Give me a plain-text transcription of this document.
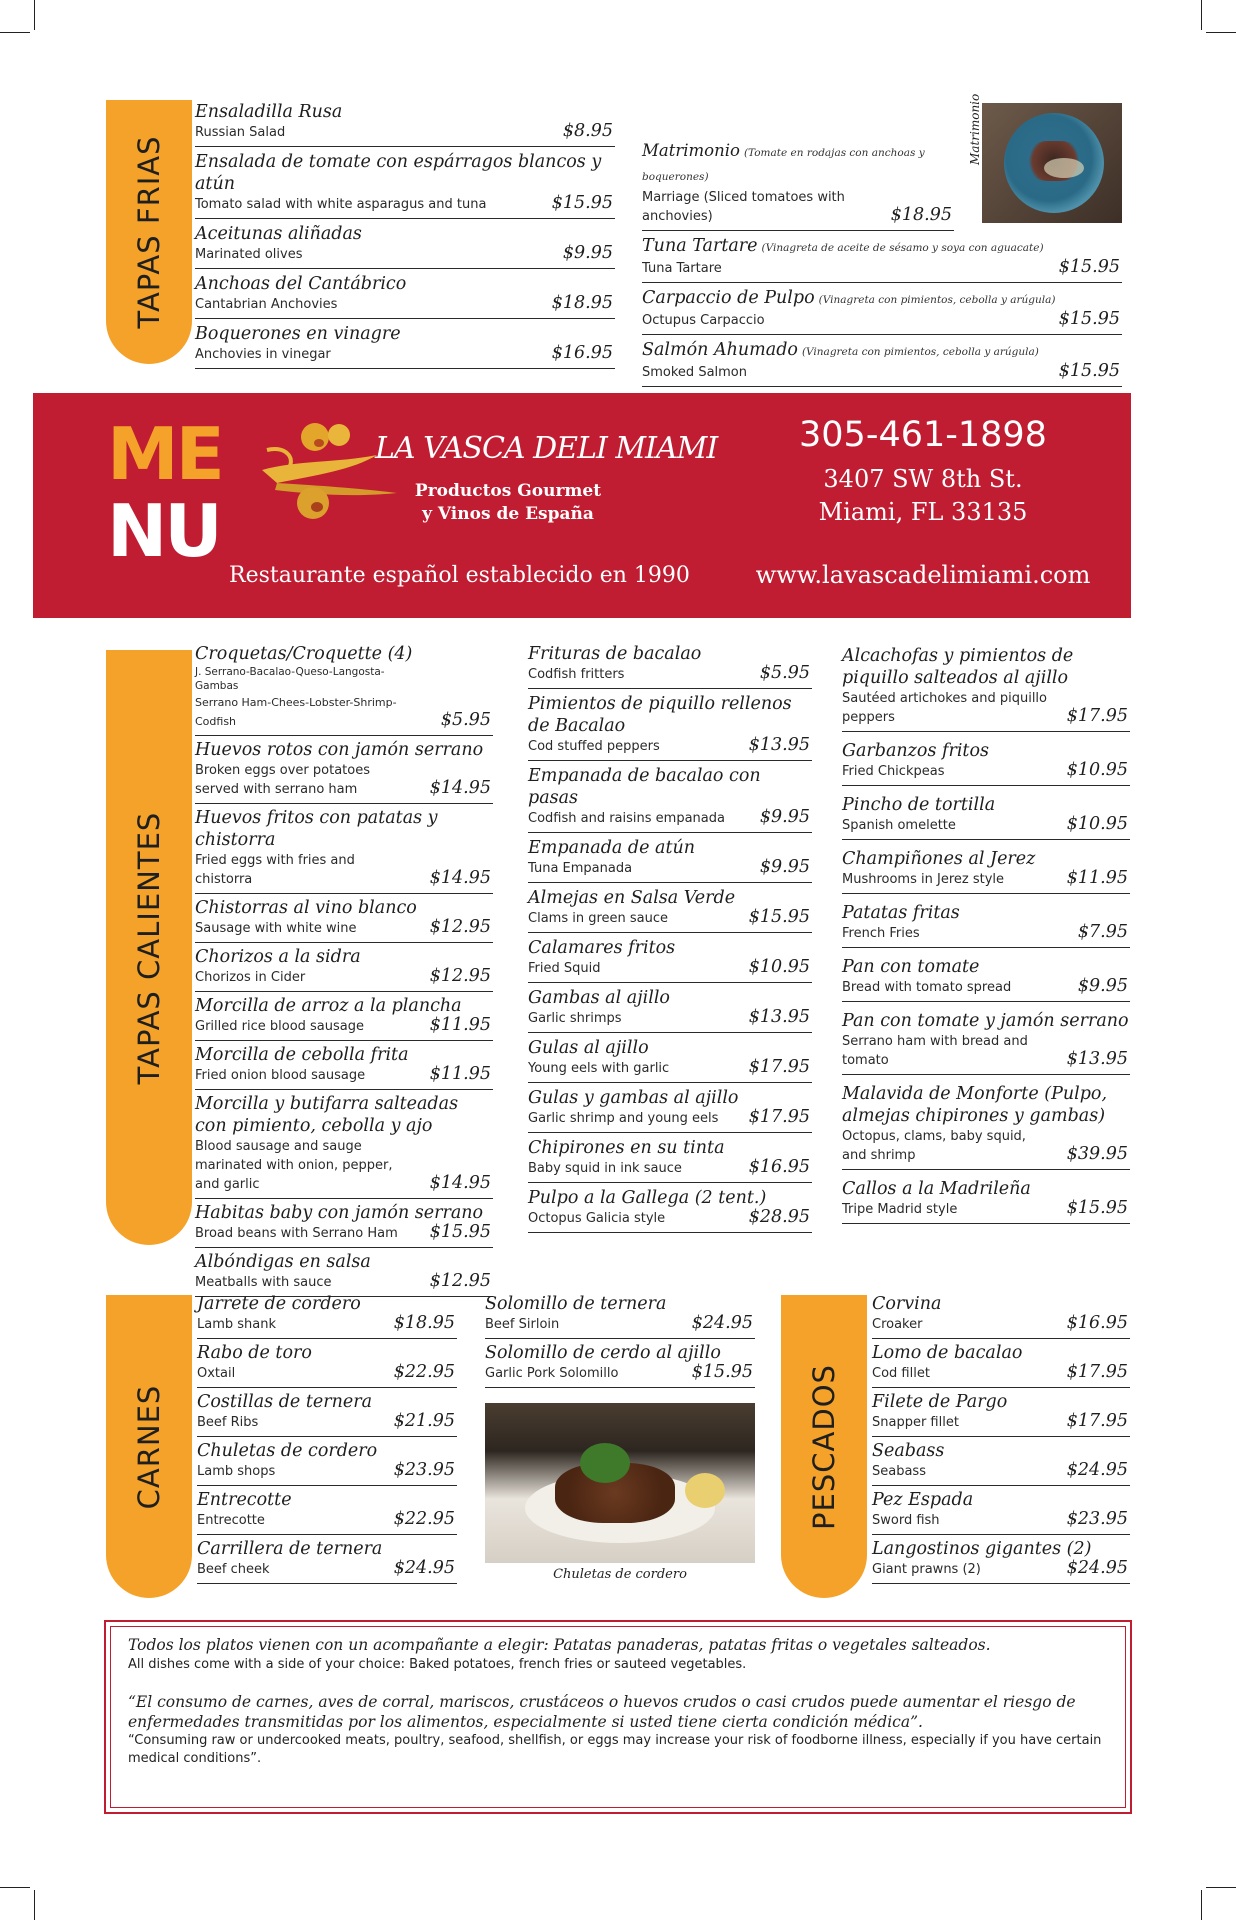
TAPAS FRIAS
Ensaladilla Rusa
Russian Salad	$8.95
Ensalada de tomate con espárragos blancos y atún
Tomato salad with white asparagus and tuna	$15.95
Aceitunas aliñadas
Marinated olives	$9.95
Anchoas del Cantábrico
Cantabrian Anchovies	$18.95
Boquerones en vinagre
Anchovies in vinegar	$16.95
Matrimonio (Tomate en rodajas con anchoas y boquerones)
Marriage (Sliced tomatoes with anchovies)	$18.95
Tuna Tartare (Vinagreta de aceite de sésamo y soya con aguacate)
Tuna Tartare	$15.95
Carpaccio de Pulpo (Vinagreta con pimientos, cebolla y arúgula)
Octupus Carpaccio	$15.95
Salmón Ahumado (Vinagreta con pimientos, cebolla y arúgula)
Smoked Salmon	$15.95
Matrimonio
ME
NU
LA VASCA DELI MIAMI
Productos Gourmet
y Vinos de España
Restaurante español establecido en 1990
305-461-1898
3407 SW 8th St.
Miami, FL 33135
www.lavascadelimiami.com
TAPAS CALIENTES
Croquetas/Croquette (4)
J. Serrano-Bacalao-Queso-Langosta-Gambas
Serrano Ham-Chees-Lobster-Shrimp-Codfish	$5.95
Huevos rotos con jamón serrano
Broken eggs over potatoes served with serrano ham	$14.95
Huevos fritos con patatas y chistorra
Fried eggs with fries and chistorra	$14.95
Chistorras al vino blanco
Sausage with white wine	$12.95
Chorizos a la sidra
Chorizos in Cider	$12.95
Morcilla de arroz a la plancha
Grilled rice blood sausage	$11.95
Morcilla de cebolla frita
Fried onion blood sausage	$11.95
Morcilla y butifarra salteadas con pimiento, cebolla y ajo
Blood sausage and sauge marinated with onion, pepper, and garlic	$14.95
Habitas baby con jamón serrano
Broad beans with Serrano Ham	$15.95
Albóndigas en salsa
Meatballs with sauce	$12.95
Frituras de bacalao
Codfish fritters	$5.95
Pimientos de piquillo rellenos de Bacalao
Cod stuffed peppers	$13.95
Empanada de bacalao con pasas
Codfish and raisins empanada	$9.95
Empanada de atún
Tuna Empanada	$9.95
Almejas en Salsa Verde
Clams in green sauce	$15.95
Calamares fritos
Fried Squid	$10.95
Gambas al ajillo
Garlic shrimps	$13.95
Gulas al ajillo
Young eels with garlic	$17.95
Gulas y gambas al ajillo
Garlic shrimp and young eels	$17.95
Chipirones en su tinta
Baby squid in ink sauce	$16.95
Pulpo a la Gallega (2 tent.)
Octopus Galicia style	$28.95
Alcachofas y pimientos de piquillo salteados al ajillo
Sautéed artichokes and piquillo peppers	$17.95
Garbanzos fritos
Fried Chickpeas	$10.95
Pincho de tortilla
Spanish omelette	$10.95
Champiñones al Jerez
Mushrooms in Jerez style	$11.95
Patatas fritas
French Fries	$7.95
Pan con tomate
Bread with tomato spread	$9.95
Pan con tomate y jamón serrano
Serrano ham with bread and tomato	$13.95
Malavida de Monforte (Pulpo, almejas chipirones y gambas)
Octopus, clams, baby squid, and shrimp	$39.95
Callos a la Madrileña
Tripe Madrid style	$15.95
CARNES
Jarrete de cordero
Lamb shank	$18.95
Rabo de toro
Oxtail	$22.95
Costillas de ternera
Beef Ribs	$21.95
Chuletas de cordero
Lamb shops	$23.95
Entrecotte
Entrecotte	$22.95
Carrillera de ternera
Beef cheek	$24.95
Solomillo de ternera
Beef Sirloin	$24.95
Solomillo de cerdo al ajillo
Garlic Pork Solomillo	$15.95
Chuletas de cordero
PESCADOS
Corvina
Croaker	$16.95
Lomo de bacalao
Cod fillet	$17.95
Filete de Pargo
Snapper fillet	$17.95
Seabass
Seabass	$24.95
Pez Espada
Sword fish	$23.95
Langostinos gigantes (2)
Giant prawns (2)	$24.95
Todos los platos vienen con un acompañante a elegir: Patatas panaderas, patatas fritas o vegetales salteados.
All dishes come with a side of your choice: Baked potatoes, french fries or sauteed vegetables.
“El consumo de carnes, aves de corral, mariscos, crustáceos o huevos crudos o casi crudos puede aumentar el riesgo de enfermedades transmitidas por los alimentos, especialmente si usted tiene cierta condición médica”.
“Consuming raw or undercooked meats, poultry, seafood, shellfish, or eggs may increase your risk of foodborne illness, especially if you have certain medical conditions”.
